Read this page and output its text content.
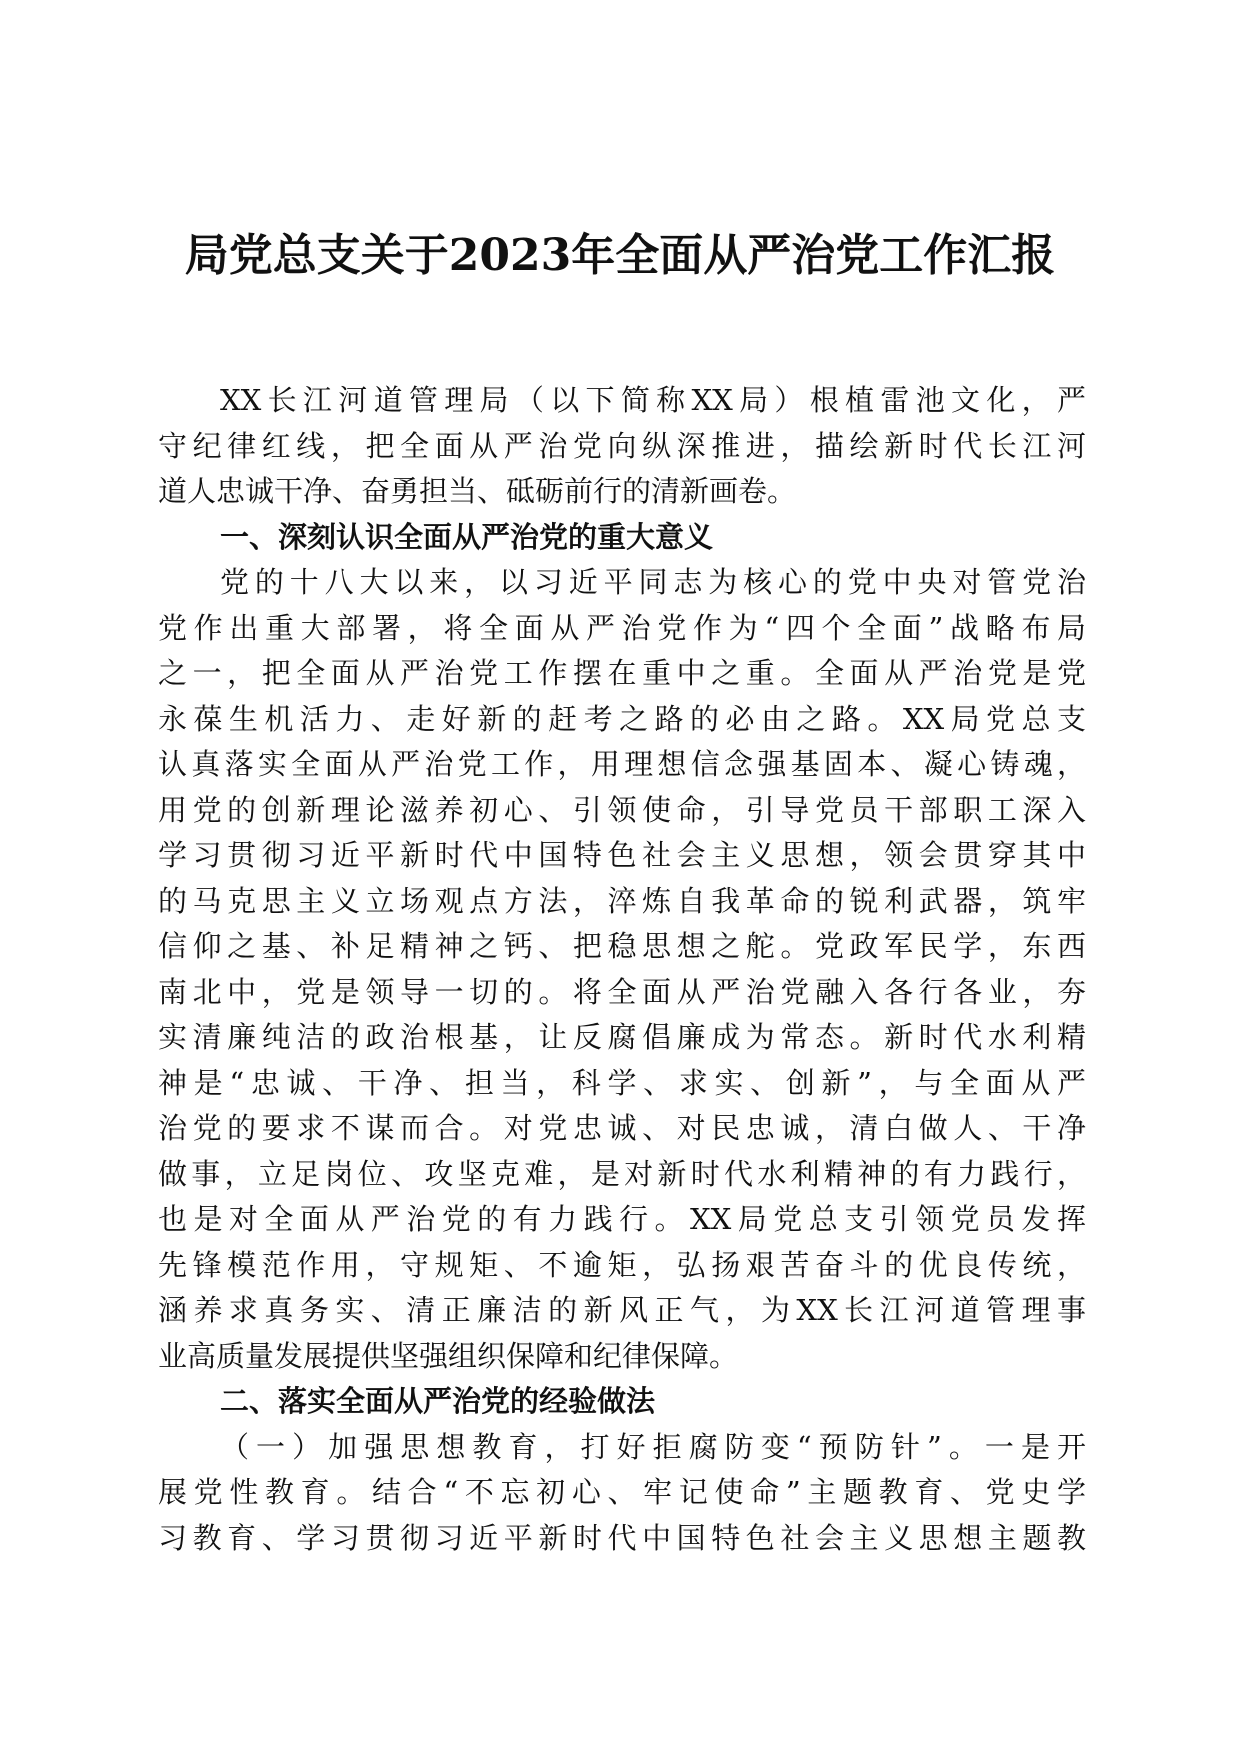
局党总支关于2023年全面从严治党工作汇报
XX长江河道管理局（以下简称XX局）根植雷池文化，严
守纪律红线，把全面从严治党向纵深推进，描绘新时代长江河
道人忠诚干净、奋勇担当、砥砺前行的清新画卷。
一、深刻认识全面从严治党的重大意义
党的十八大以来，以习近平同志为核心的党中央对管党治
党作出重大部署，将全面从严治党作为“四个全面”战略布局
之一，把全面从严治党工作摆在重中之重。全面从严治党是党
永葆生机活力、走好新的赶考之路的必由之路。XX局党总支
认真落实全面从严治党工作，用理想信念强基固本、凝心铸魂，
用党的创新理论滋养初心、引领使命，引导党员干部职工深入
学习贯彻习近平新时代中国特色社会主义思想，领会贯穿其中
的马克思主义立场观点方法，淬炼自我革命的锐利武器，筑牢
信仰之基、补足精神之钙、把稳思想之舵。党政军民学，东西
南北中，党是领导一切的。将全面从严治党融入各行各业，夯
实清廉纯洁的政治根基，让反腐倡廉成为常态。新时代水利精
神是“忠诚、干净、担当，科学、求实、创新”，与全面从严
治党的要求不谋而合。对党忠诚、对民忠诚，清白做人、干净
做事，立足岗位、攻坚克难，是对新时代水利精神的有力践行，
也是对全面从严治党的有力践行。XX局党总支引领党员发挥
先锋模范作用，守规矩、不逾矩，弘扬艰苦奋斗的优良传统，
涵养求真务实、清正廉洁的新风正气，为XX长江河道管理事
业高质量发展提供坚强组织保障和纪律保障。
二、落实全面从严治党的经验做法
（一）加强思想教育，打好拒腐防变“预防针”。一是开
展党性教育。结合“不忘初心、牢记使命”主题教育、党史学
习教育、学习贯彻习近平新时代中国特色社会主义思想主题教
